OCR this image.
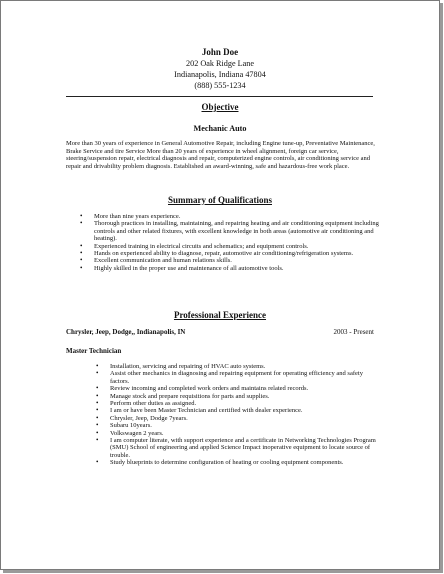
John Doe
202 Oak Ridge Lane
Indianapolis, Indiana 47804
(888) 555-1234
Objective
Mechanic Auto
More than 30 years of experience in General Automotive Repair, including Engine tune-up, Preventative Maintenance, Brake Service and tire Service More than 20 years of experience in wheel alignment, foreign car service, steering/suspension repair, electrical diagnosis and repair, computerized engine controls, air conditioning service and repair and drivability problem diagnosis. Established an award-winning, safe and hazardous-free work place.
Summary of Qualifications
• More than nine years experience.
• Thorough practices in installing, maintaining, and repairing heating and air conditioning equipment including controls and other related fixtures, with excellent knowledge in both areas (automotive air conditioning and heating).
• Experienced training in electrical circuits and schematics; and equipment controls.
• Hands on experienced ability to diagnose, repair, automotive air conditioning/refrigeration systems.
• Excellent communication and human relations skills.
• Highly skilled in the proper use and maintenance of all automotive tools.
Professional Experience
Chrysler, Jeep, Dodge,, Indianapolis, IN	2003 - Present
Master Technician
• Installation, servicing and repairing of HVAC auto systems.
• Assist other mechanics in diagnosing and repairing equipment for operating efficiency and safety factors.
• Review incoming and completed work orders and maintains related records.
• Manage stock and prepare requisitions for parts and supplies.
• Perform other duties as assigned.
• I am or have been Master Technician and certified with dealer experience.
• Chrysler, Jeep, Dodge 7years.
• Subaru 10years.
• Volkswagen 2 years.
• I am computer literate, with support experience and a certificate in Networking Technologies Program (SMU) School of engineering and applied Science Impact inoperative equipment to locate source of trouble.
• Study blueprints to determine configuration of heating or cooling equipment components.
